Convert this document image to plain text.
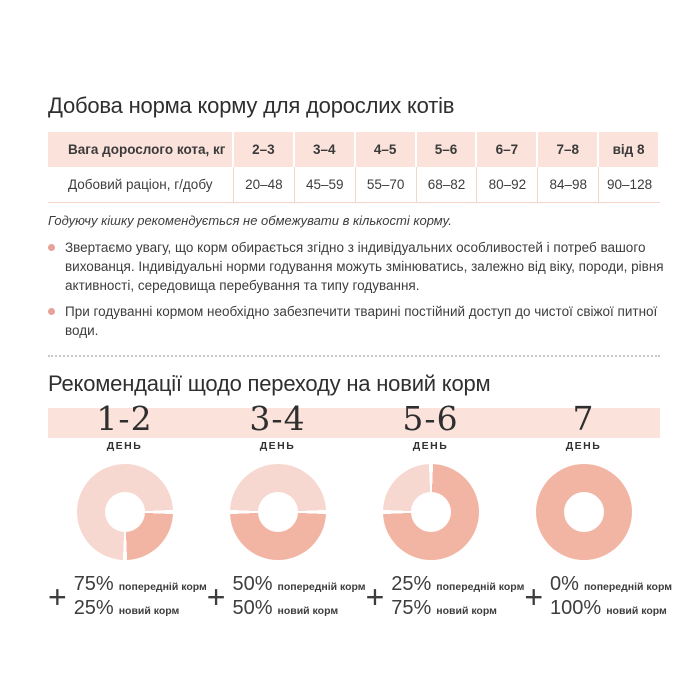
Добова норма корму для дорослих котів
Вага дорослого кота, кг	2–3	3–4	4–5	5–6	6–7	7–8	від 8
Добовий раціон, г/добу	20–48	45–59	55–70	68–82	80–92	84–98	90–128
Годуючу кішку рекомендується не обмежувати в кількості корму.
Звертаємо увагу, що корм обирається згідно з індивідуальних особливостей і потреб вашого вихованця. Індивідуальні норми годування можуть змінюватись, залежно від віку, породи, рівня активності, середовища перебування та типу годування.
При годуванні кормом необхідно забезпечити тварині постійний доступ до чистої свіжої питної води.
Рекомендації щодо переходу на новий корм
1-2
ДЕНЬ
3-4
ДЕНЬ
5-6
ДЕНЬ
7
ДЕНЬ
+ 75% попередній корм
25% новий корм + 50% попередній корм
50% новий корм + 25% попередній корм
75% новий корм + 0% попередній корм
100% новий корм
